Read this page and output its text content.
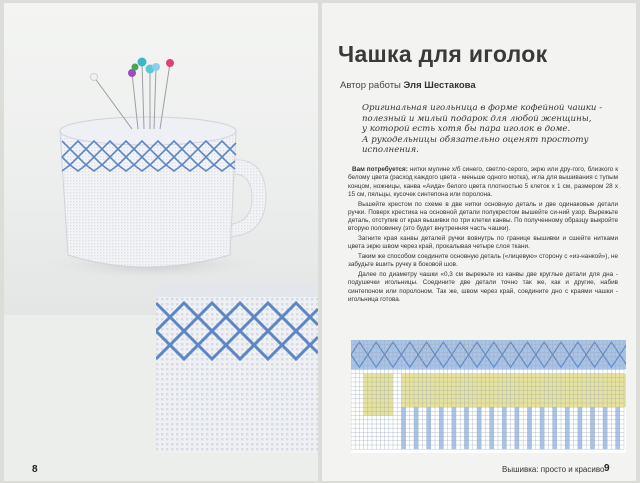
8
Чашка для иголок
Автор работы Эля Шестакова

Оригинальная игольница в форме кофейной чашки -

полезный и милый подарок для любой женщины,

у которой есть хотя бы пара иголок в доме.

А рукодельницы обязательно оценят простоту

исполнения.

Вам потребуется: нитки мулине х/б синего, светло-серого, экрю или дру-гого, близкого к белому цвета (расход каждого цвета - меньше одного мотка), игла для вышивания с тупым концом, ножницы, канва «Аида» белого цвета плотностью 5 клеток х 1 см, размером 28 х 15 см, пяльцы, кусочек синтепона или поролона.

Вышейте крестом по схеме в две нитки основную деталь и две одинаковые детали ручки. Поверх крестика на основной детали полукрестом вышейте си-ний узор. Вырежьте деталь, отступив от края вышивки по три клетки канвы. По полученному образцу выкройте вторую половинку (это будет внутренняя часть чашки).

Загните края канвы деталей ручки вовнутрь по границе вышивки и сшейте нитками цвета экрю швом через край, прокалывая четыре слоя ткани.

Таким же способом соедините основную деталь («лицевую» сторону с «из-нанкой»), не забудьте вшить ручку в боковой шов.

Далее по диаметру чашки «0,3 см вырежьте из канвы две круглые детали для дна - подушечки игольницы. Соедините две детали точно так же, как и другие, набив синтепоном или поролоном. Так же, швом через край, соедините дно с краями чашки - игольница готова.

Вышивка: просто и красиво 9
